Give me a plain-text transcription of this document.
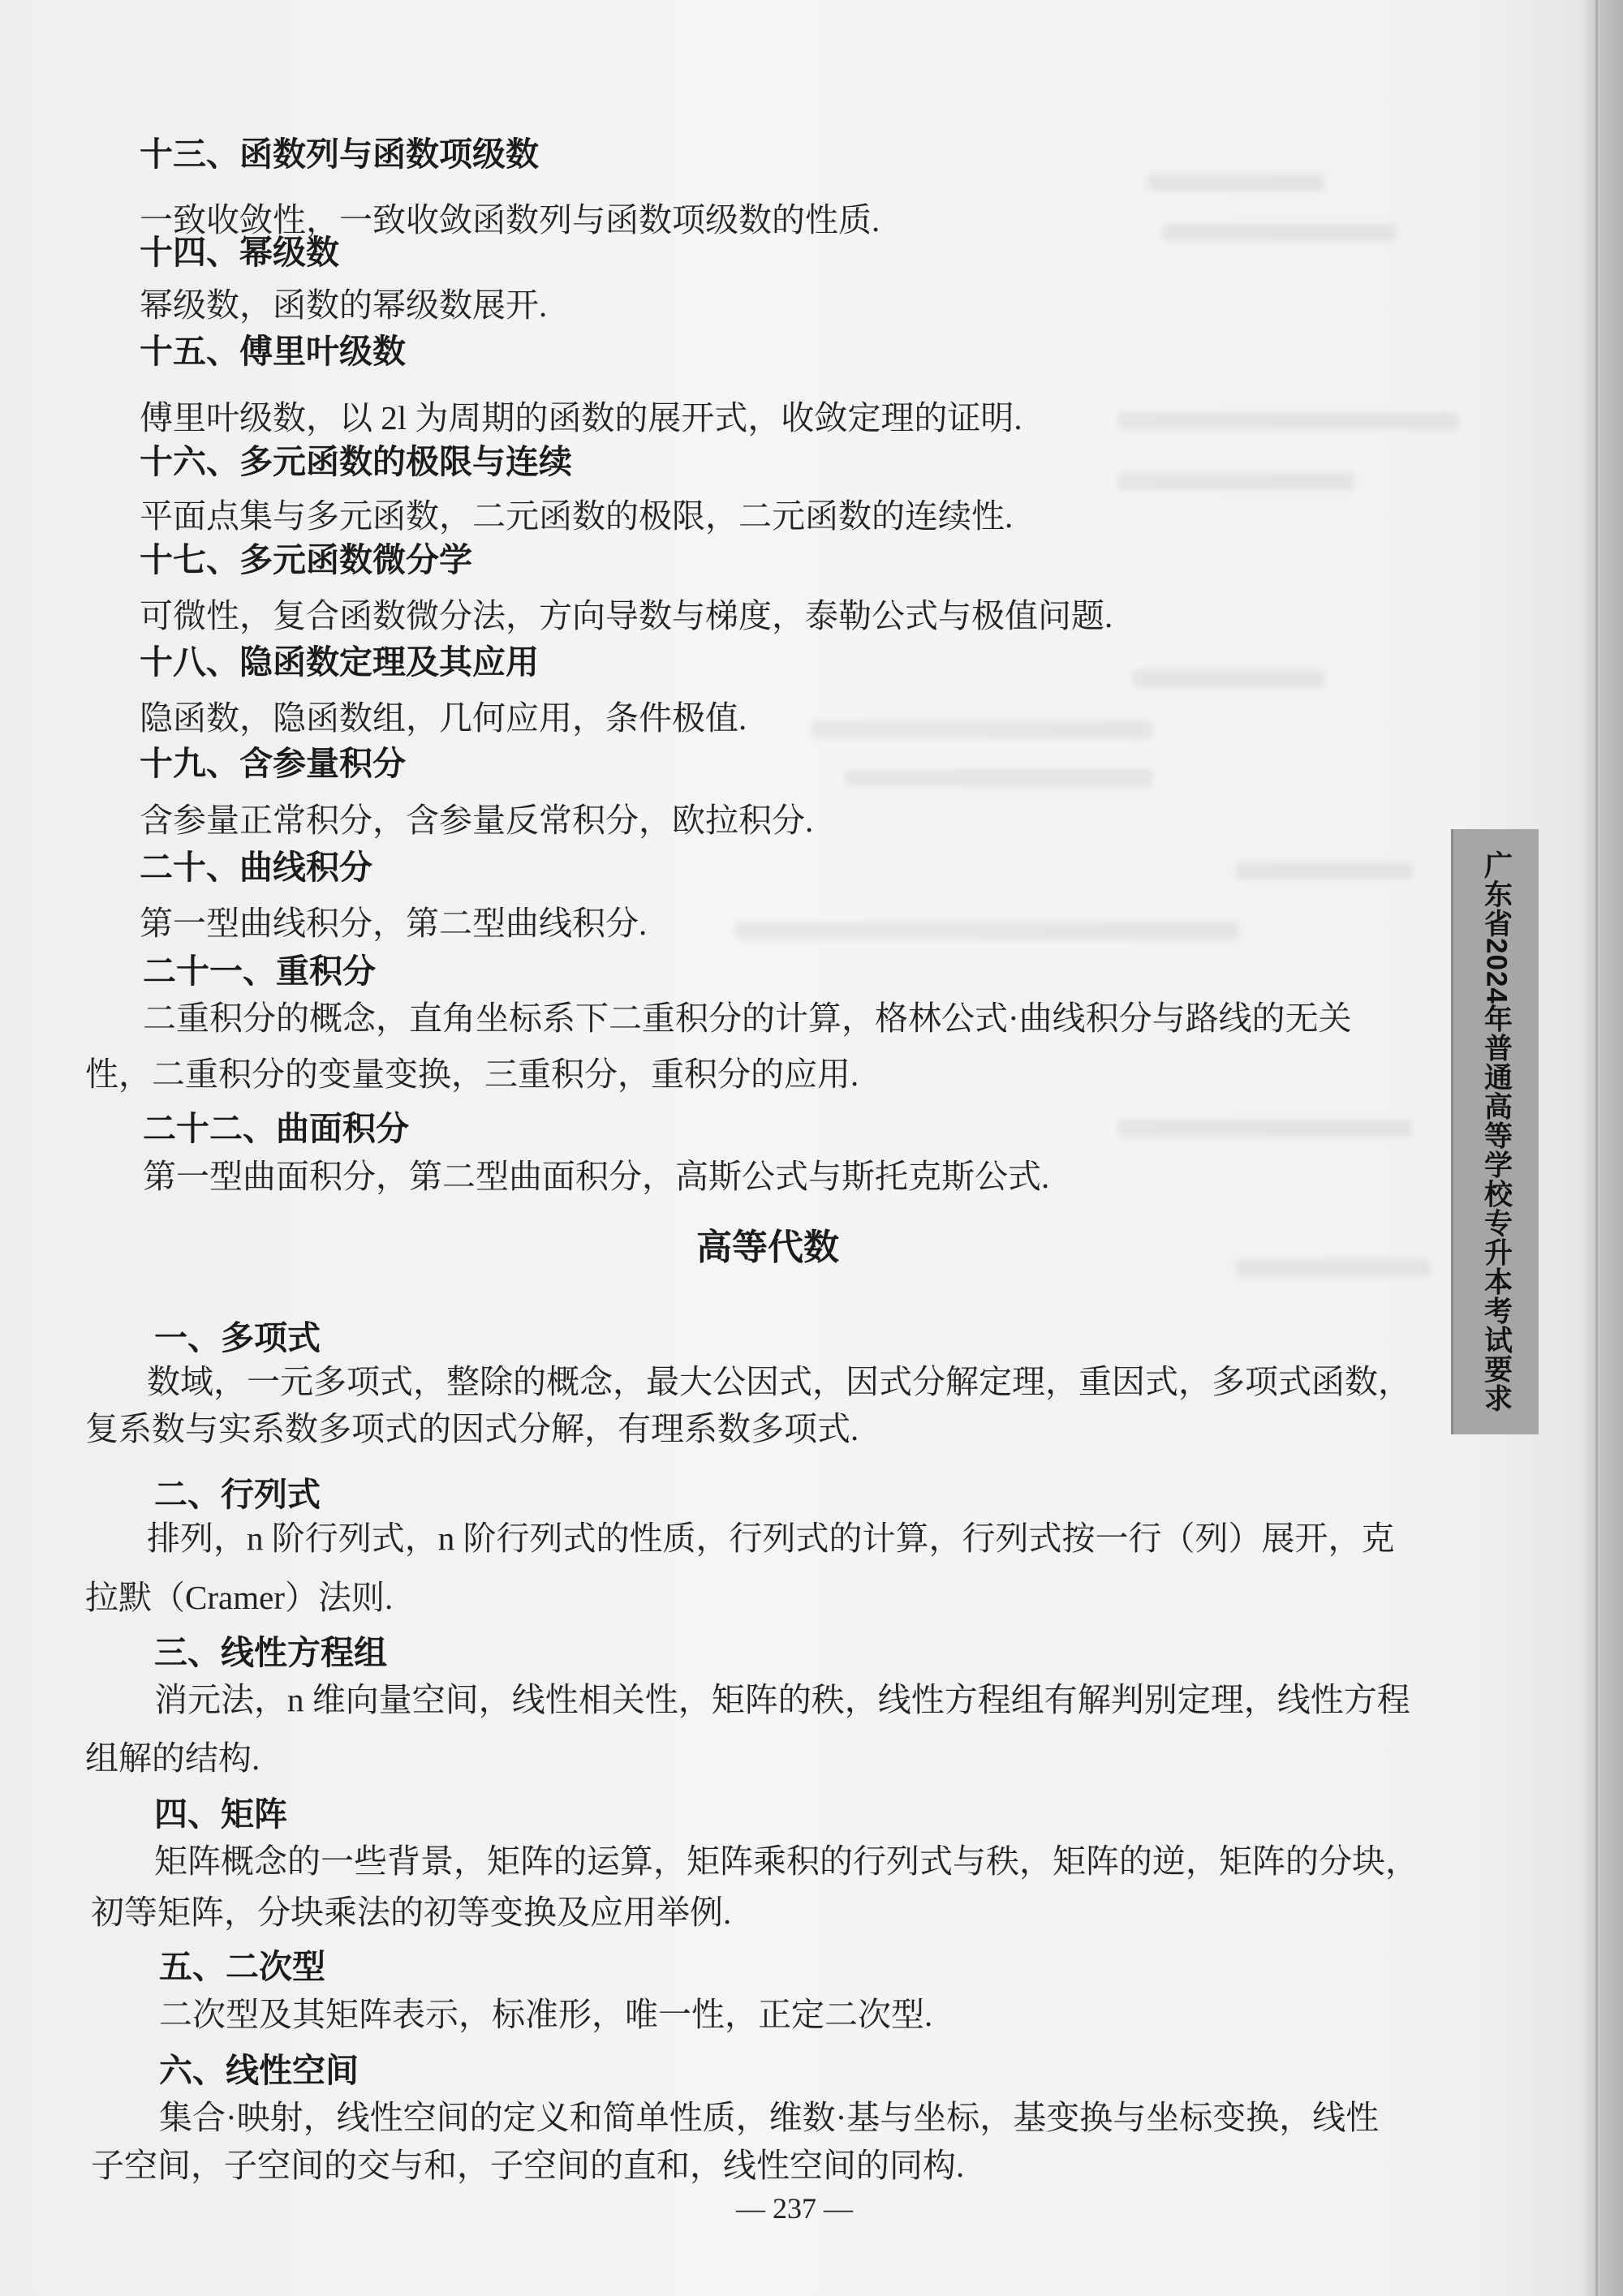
十三、函数列与函数项级数
一致收敛性，一致收敛函数列与函数项级数的性质.
十四、幂级数
幂级数，函数的幂级数展开.
十五、傅里叶级数
傅里叶级数，以 2l 为周期的函数的展开式，收敛定理的证明.
十六、多元函数的极限与连续
平面点集与多元函数，二元函数的极限，二元函数的连续性.
十七、多元函数微分学
可微性，复合函数微分法，方向导数与梯度，泰勒公式与极值问题.
十八、隐函数定理及其应用
隐函数，隐函数组，几何应用，条件极值.
十九、含参量积分
含参量正常积分，含参量反常积分，欧拉积分.
二十、曲线积分
第一型曲线积分，第二型曲线积分.
二十一、重积分
二重积分的概念，直角坐标系下二重积分的计算，格林公式·曲线积分与路线的无关
性，二重积分的变量变换，三重积分，重积分的应用.
二十二、曲面积分
第一型曲面积分，第二型曲面积分，高斯公式与斯托克斯公式.
高等代数
一、多项式
数域，一元多项式，整除的概念，最大公因式，因式分解定理，重因式，多项式函数，
复系数与实系数多项式的因式分解，有理系数多项式.
二、行列式
排列，n 阶行列式，n 阶行列式的性质，行列式的计算，行列式按一行（列）展开，克
拉默（Cramer）法则.
三、线性方程组
消元法，n 维向量空间，线性相关性，矩阵的秩，线性方程组有解判别定理，线性方程
组解的结构.
四、矩阵
矩阵概念的一些背景，矩阵的运算，矩阵乘积的行列式与秩，矩阵的逆，矩阵的分块，
初等矩阵，分块乘法的初等变换及应用举例.
五、二次型
二次型及其矩阵表示，标准形，唯一性，正定二次型.
六、线性空间
集合·映射，线性空间的定义和简单性质，维数·基与坐标，基变换与坐标变换，线性
子空间，子空间的交与和，子空间的直和，线性空间的同构.
广东省2024年普通高等学校专升本考试要求
— 237 —
